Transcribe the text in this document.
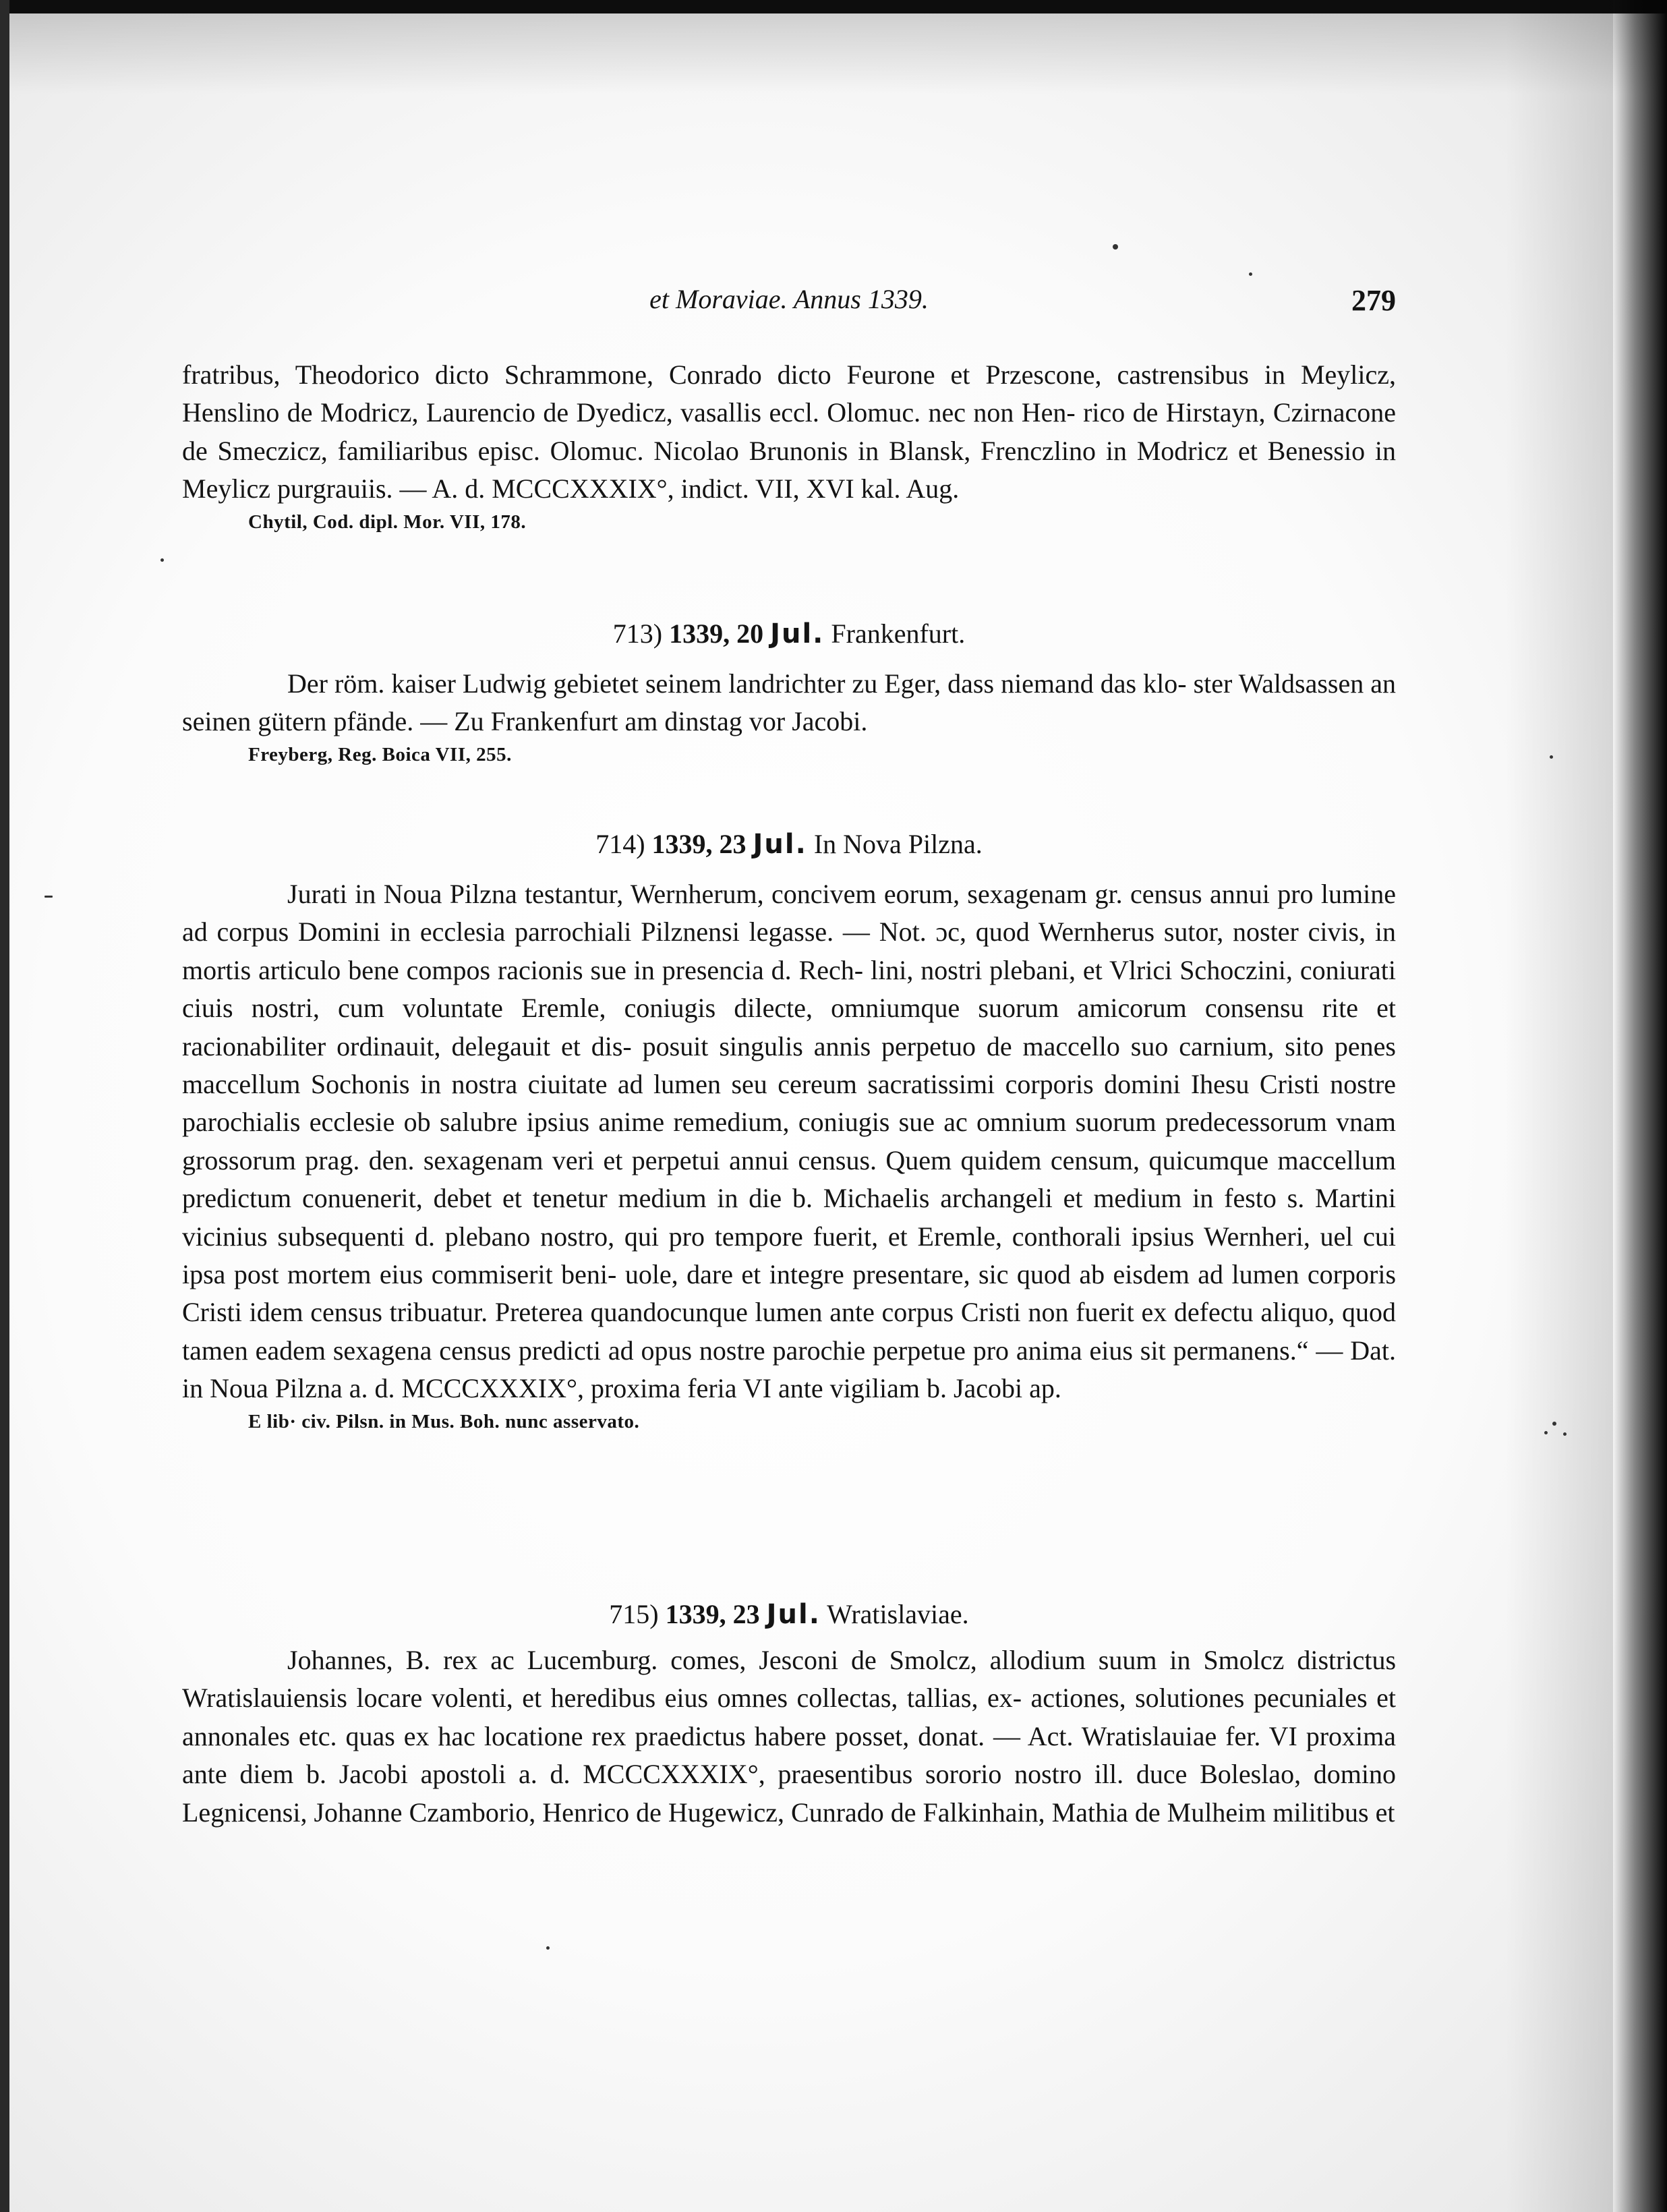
et Moraviae. Annus 1339.	279

fratribus, Theodorico dicto Schrammone, Conrado dicto Feurone et Przescone, castrensibus in Meylicz, Henslino de Modricz, Laurencio de Dyedicz, vasallis eccl. Olomuc. nec non Hen- rico de Hirstayn, Czirnacone de Smeczicz, familiaribus episc. Olomuc. Nicolao Brunonis in Blansk, Frenczlino in Modricz et Benessio in Meylicz purgrauiis. — A. d. MCCCXXXIX°, indict. VII, XVI kal. Aug.

Chytil, Cod. dipl. Mor. VII, 178.

713) 1339, 20 Jul. Frankenfurt.

Der röm. kaiser Ludwig gebietet seinem landrichter zu Eger, dass niemand das klo- ster Waldsassen an seinen gütern pfände. — Zu Frankenfurt am dinstag vor Jacobi.

Freyberg, Reg. Boica VII, 255.

714) 1339, 23 Jul. In Nova Pilzna.

Jurati in Noua Pilzna testantur, Wernherum, concivem eorum, sexagenam gr. census annui pro lumine ad corpus Domini in ecclesia parrochiali Pilznensi legasse. — Not. ɔc, quod Wernherus sutor, noster civis, in mortis articulo bene compos racionis sue in presencia d. Rech- lini, nostri plebani, et Vlrici Schoczini, coniurati ciuis nostri, cum voluntate Eremle, coniugis dilecte, omniumque suorum amicorum consensu rite et racionabiliter ordinauit, delegauit et dis- posuit singulis annis perpetuo de maccello suo carnium, sito penes maccellum Sochonis in nostra ciuitate ad lumen seu cereum sacratissimi corporis domini Ihesu Cristi nostre parochialis ecclesie ob salubre ipsius anime remedium, coniugis sue ac omnium suorum predecessorum vnam grossorum prag. den. sexagenam veri et perpetui annui census. Quem quidem censum, quicumque maccellum predictum conuenerit, debet et tenetur medium in die b. Michaelis archangeli et medium in festo s. Martini vicinius subsequenti d. plebano nostro, qui pro tempore fuerit, et Eremle, conthorali ipsius Wernheri, uel cui ipsa post mortem eius commiserit beni- uole, dare et integre presentare, sic quod ab eisdem ad lumen corporis Cristi idem census tribuatur. Preterea quandocunque lumen ante corpus Cristi non fuerit ex defectu aliquo, quod tamen eadem sexagena census predicti ad opus nostre parochie perpetue pro anima eius sit permanens.“ — Dat. in Noua Pilzna a. d. MCCCXXXIX°, proxima feria VI ante vigiliam b. Jacobi ap.

E lib· civ. Pilsn. in Mus. Boh. nunc asservato.

715) 1339, 23 Jul. Wratislaviae.

Johannes, B. rex ac Lucemburg. comes, Jesconi de Smolcz, allodium suum in Smolcz districtus Wratislauiensis locare volenti, et heredibus eius omnes collectas, tallias, ex- actiones, solutiones pecuniales et annonales etc. quas ex hac locatione rex praedictus habere posset, donat. — Act. Wratislauiae fer. VI proxima ante diem b. Jacobi apostoli a. d. MCCCXXXIX°, praesentibus sororio nostro ill. duce Boleslao, domino Legnicensi, Johanne Czamborio, Henrico de Hugewicz, Cunrado de Falkinhain, Mathia de Mulheim militibus et
